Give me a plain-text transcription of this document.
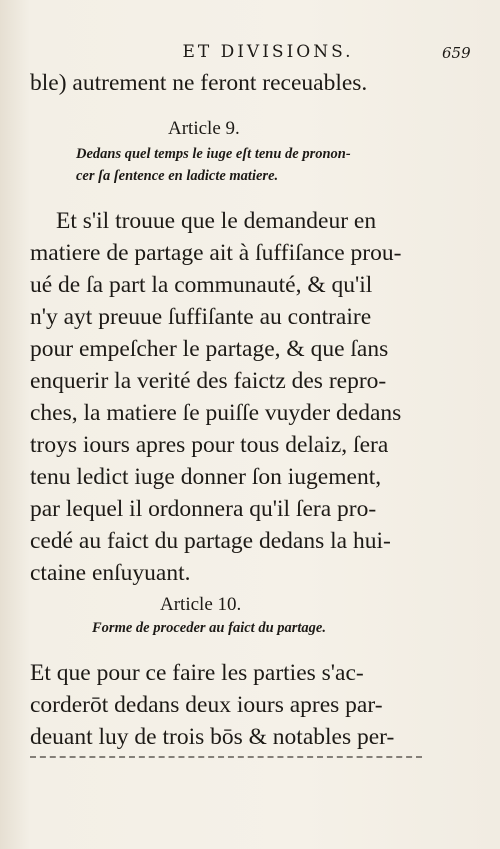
ET DIVISIONS.	659
ble) autrement ne feront receuables.
Article 9.
Dedans quel temps le iuge eſt tenu de pronon-
cer ſa ſentence en ladicte matiere.
Et s'il trouue que le demandeur en
matiere de partage ait à ſuffiſance prou-
ué de ſa part la communauté, & qu'il
n'y ayt preuue ſuffiſante au contraire
pour empeſcher le partage, & que ſans
enquerir la verité des faictz des repro-
ches, la matiere ſe puiſſe vuyder dedans
troys iours apres pour tous delaiz, ſera
tenu ledict iuge donner ſon iugement,
par lequel il ordonnera qu'il ſera pro-
cedé au faict du partage dedans la hui-
ctaine enſuyuant.
Article 10.
Forme de proceder au faict du partage.
Et que pour ce faire les parties s'ac-
corderōt dedans deux iours apres par-
deuant luy de trois bōs & notables per-
